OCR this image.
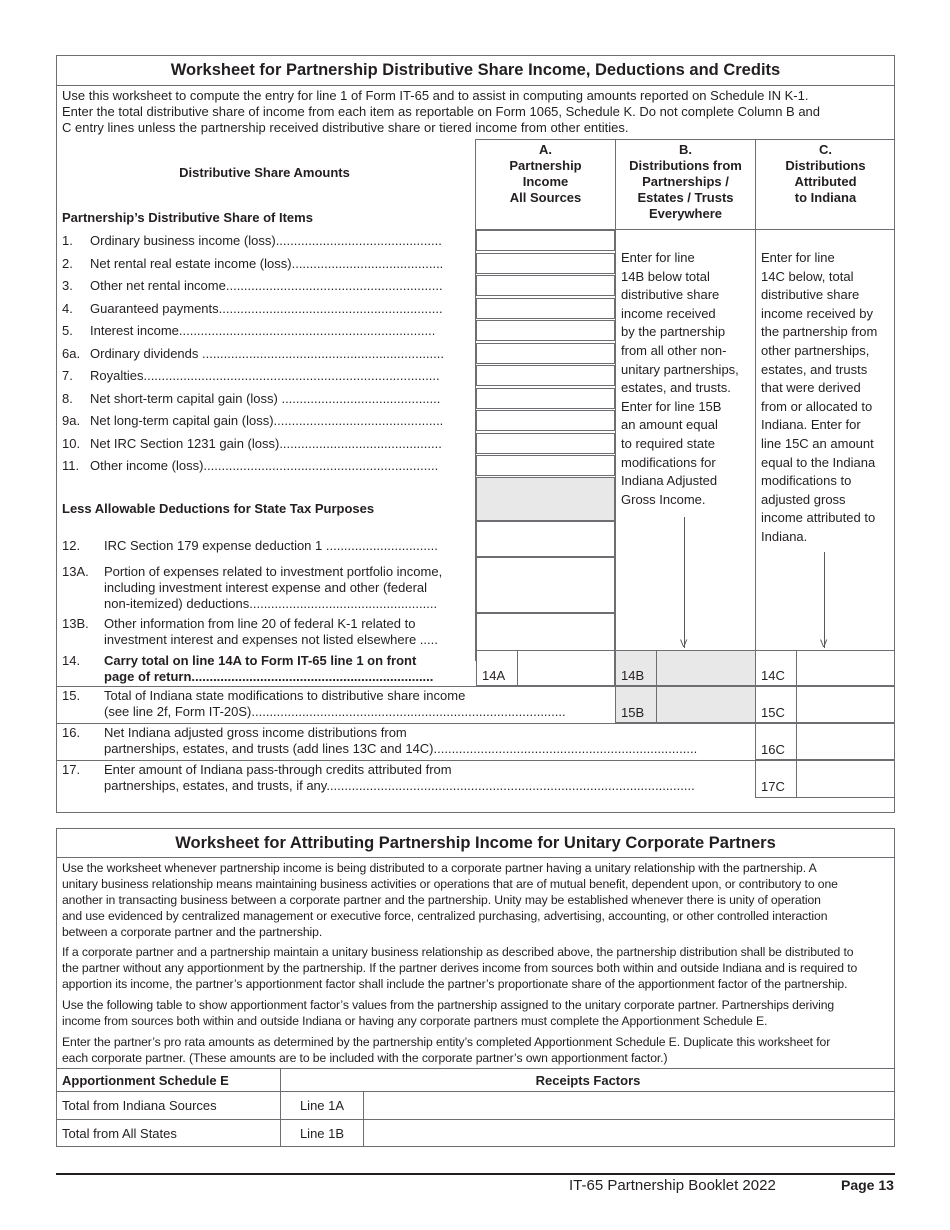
Worksheet for Partnership Distributive Share Income, Deductions and Credits
Use this worksheet to compute the entry for line 1 of Form IT-65 and to assist in computing amounts reported on Schedule IN K-1.
Enter the total distributive share of income from each item as reportable on Form 1065, Schedule K. Do not complete Column B and
C entry lines unless the partnership received distributive share or tiered income from other entities.
Distributive Share Amounts
Partnership’s Distributive Share of Items
A.
Partnership
Income
All Sources
B.
Distributions from
Partnerships /
Estates / Trusts
Everywhere
C.
Distributions
Attributed
to Indiana
1. Ordinary business income (loss)..............................................
2. Net rental real estate income (loss)..........................................
3. Other net rental income............................................................
4. Guaranteed payments..............................................................
5. Interest income.......................................................................
6a. Ordinary dividends ...................................................................
7. Royalties..................................................................................
8. Net short-term capital gain (loss) ............................................
9a. Net long-term capital gain (loss)...............................................
10. Net IRC Section 1231 gain (loss).............................................
11. Other income (loss).................................................................
Less Allowable Deductions for State Tax Purposes
12. IRC Section 179 expense deduction 1 ...............................
13A. Portion of expenses related to investment portfolio income,
including investment interest expense and other (federal
non-itemized) deductions....................................................
13B. Other information from line 20 of federal K-1 related to
investment interest and expenses not listed elsewhere .....
14. Carry total on line 14A to Form IT-65 line 1 on front
page of return...................................................................
Enter for line
14B below total
distributive share
income received
by the partnership
from all other non-
unitary partnerships,
estates, and trusts.
Enter for line 15B
an amount equal
to required state
modifications for
Indiana Adjusted
Gross Income.
Enter for line
14C below, total
distributive share
income received by
the partnership from
other partnerships,
estates, and trusts
that were derived
from or allocated to
Indiana. Enter for
line 15C an amount
equal to the Indiana
modifications to
adjusted gross
income attributed to
Indiana.
V	V
14A	14B	14C
15. Total of Indiana state modifications to distributive share income
(see line 2f, Form IT-20S).......................................................................................	15B	15C
16. Net Indiana adjusted gross income distributions from
partnerships, estates, and trusts (add lines 13C and 14C).........................................................................	16C
17. Enter amount of Indiana pass-through credits attributed from
partnerships, estates, and trusts, if any......................................................................................................	17C
Worksheet for Attributing Partnership Income for Unitary Corporate Partners
Use the worksheet whenever partnership income is being distributed to a corporate partner having a unitary relationship with the partnership. A
unitary business relationship means maintaining business activities or operations that are of mutual benefit, dependent upon, or contributory to one
another in transacting business between a corporate partner and the partnership. Unity may be established whenever there is unity of operation
and use evidenced by centralized management or executive force, centralized purchasing, advertising, accounting, or other controlled interaction
between a corporate partner and the partnership.
If a corporate partner and a partnership maintain a unitary business relationship as described above, the partnership distribution shall be distributed to
the partner without any apportionment by the partnership. If the partner derives income from sources both within and outside Indiana and is required to
apportion its income, the partner’s apportionment factor shall include the partner’s proportionate share of the apportionment factor of the partnership.
Use the following table to show apportionment factor’s values from the partnership assigned to the unitary corporate partner. Partnerships deriving
income from sources both within and outside Indiana or having any corporate partners must complete the Apportionment Schedule E.
Enter the partner’s pro rata amounts as determined by the partnership entity’s completed Apportionment Schedule E. Duplicate this worksheet for
each corporate partner. (These amounts are to be included with the corporate partner’s own apportionment factor.)
Apportionment Schedule E	Receipts Factors
Total from Indiana Sources	Line 1A
Total from All States	Line 1B
IT-65 Partnership Booklet 2022	Page 13
